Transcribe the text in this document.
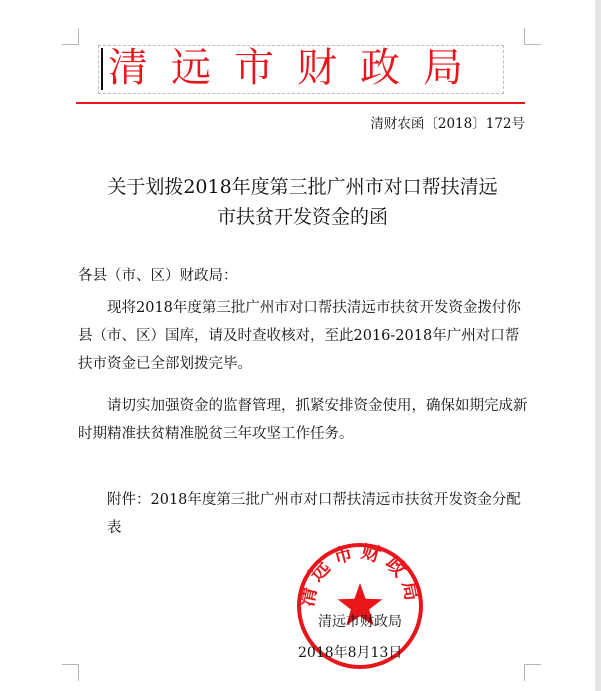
清远市财政局
清财农函〔2018〕172号
关于划拨2018年度第三批广州市对口帮扶清远
市扶贫开发资金的函
各县（市、区）财政局：
现将2018年度第三批广州市对口帮扶清远市扶贫开发资金拨付你县（市、区）国库，请及时查收核对，至此2016-2018年广州对口帮扶市资金已全部划拨完毕。
请切实加强资金的监督管理，抓紧安排资金使用，确保如期完成新时期精准扶贫精准脱贫三年攻坚工作任务。
附件：2018年度第三批广州市对口帮扶清远市扶贫开发资金分配表
清远市财政局
清远市财政局
2018年8月13日
